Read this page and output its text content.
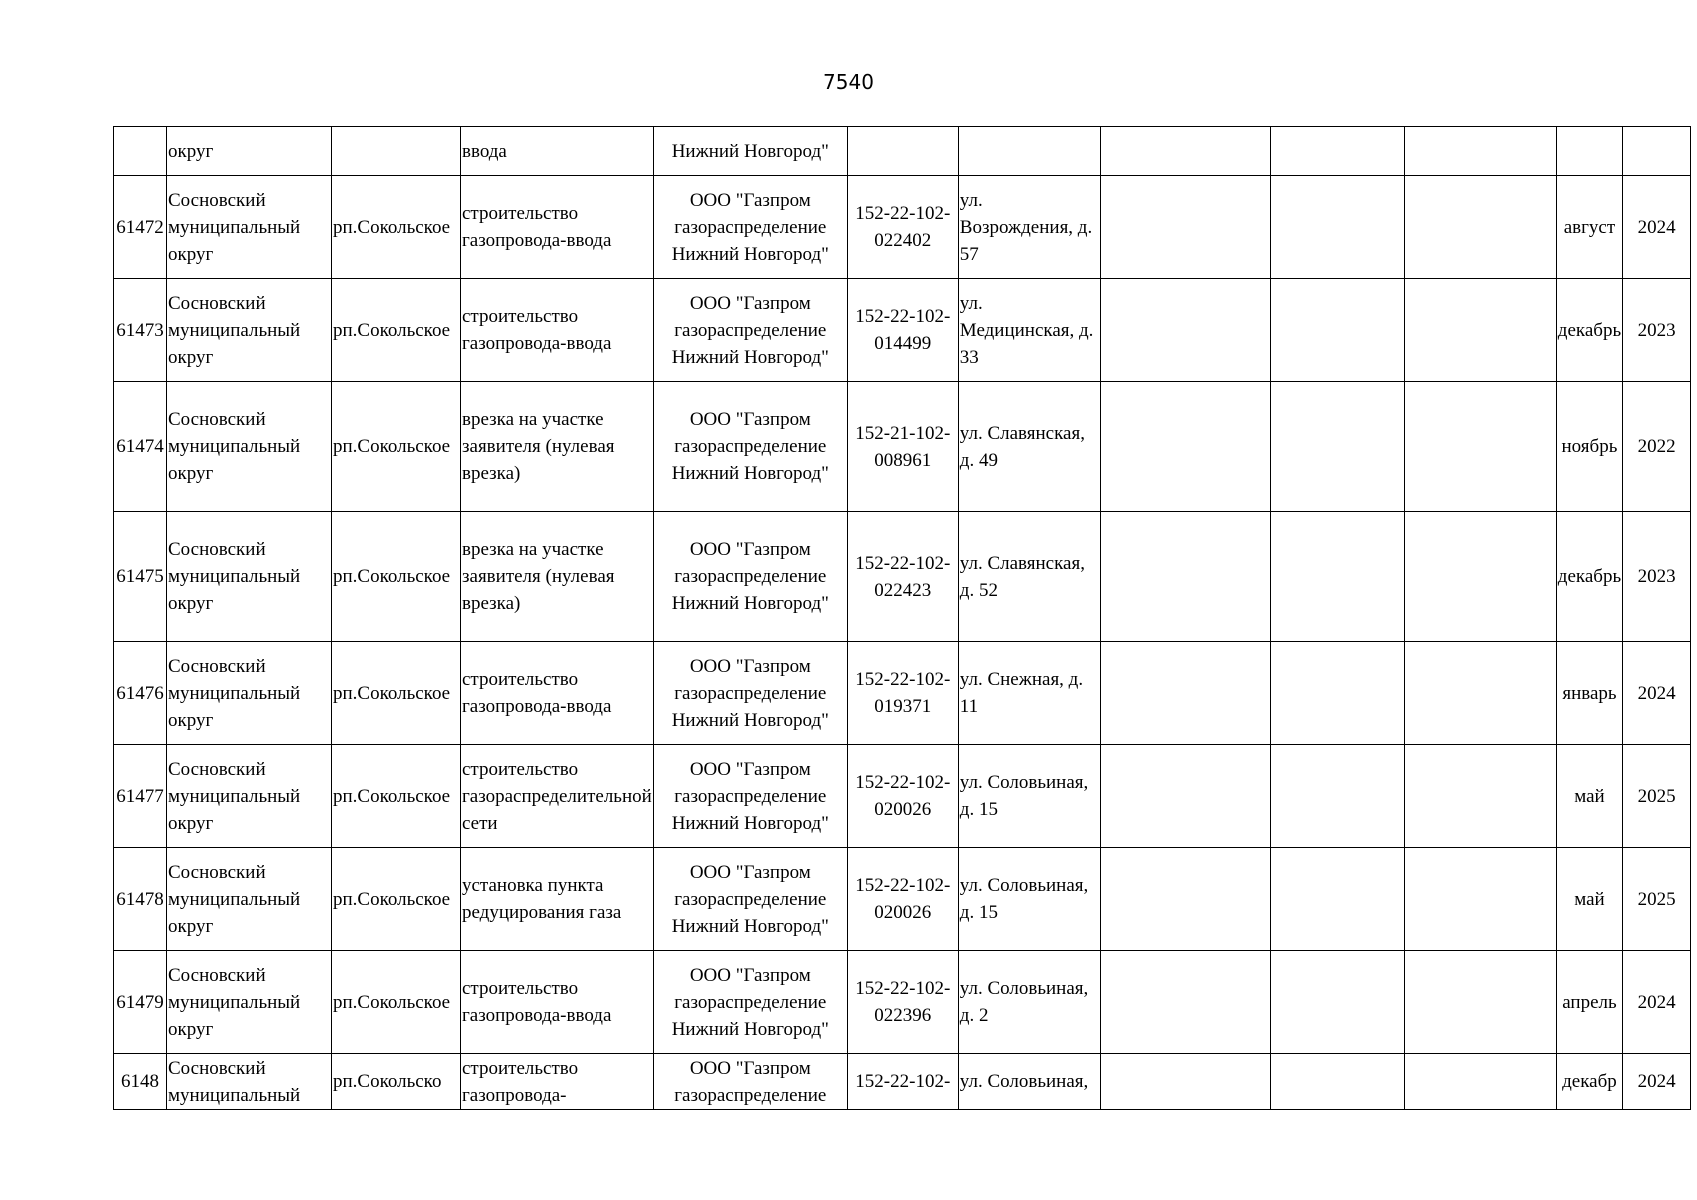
7540
	округ		ввода	Нижний Новгород"							
61472	Сосновский муниципальный округ	рп.Сокольское	строительство газопровода-ввода	ООО "Газпром газораспределение Нижний Новгород"	152-22-102-022402	ул. Возрождения, д. 57				август	2024
61473	Сосновский муниципальный округ	рп.Сокольское	строительство газопровода-ввода	ООО "Газпром газораспределение Нижний Новгород"	152-22-102-014499	ул. Медицинская, д. 33				декабрь	2023
61474	Сосновский муниципальный округ	рп.Сокольское	врезка на участке заявителя (нулевая врезка)	ООО "Газпром газораспределение Нижний Новгород"	152-21-102-008961	ул. Славянская, д. 49				ноябрь	2022
61475	Сосновский муниципальный округ	рп.Сокольское	врезка на участке заявителя (нулевая врезка)	ООО "Газпром газораспределение Нижний Новгород"	152-22-102-022423	ул. Славянская, д. 52				декабрь	2023
61476	Сосновский муниципальный округ	рп.Сокольское	строительство газопровода-ввода	ООО "Газпром газораспределение Нижний Новгород"	152-22-102-019371	ул. Снежная, д. 11				январь	2024
61477	Сосновский муниципальный округ	рп.Сокольское	строительство газораспределительной сети	ООО "Газпром газораспределение Нижний Новгород"	152-22-102-020026	ул. Соловьиная, д. 15				май	2025
61478	Сосновский муниципальный округ	рп.Сокольское	установка пункта редуцирования газа	ООО "Газпром газораспределение Нижний Новгород"	152-22-102-020026	ул. Соловьиная, д. 15				май	2025
61479	Сосновский муниципальный округ	рп.Сокольское	строительство газопровода-ввода	ООО "Газпром газораспределение Нижний Новгород"	152-22-102-022396	ул. Соловьиная, д. 2				апрель	2024
6148	Сосновский муниципальный	рп.Сокольско	строительство газопровода-	ООО "Газпром газораспределение	152-22-102-	ул. Соловьиная,				декабр	2024
